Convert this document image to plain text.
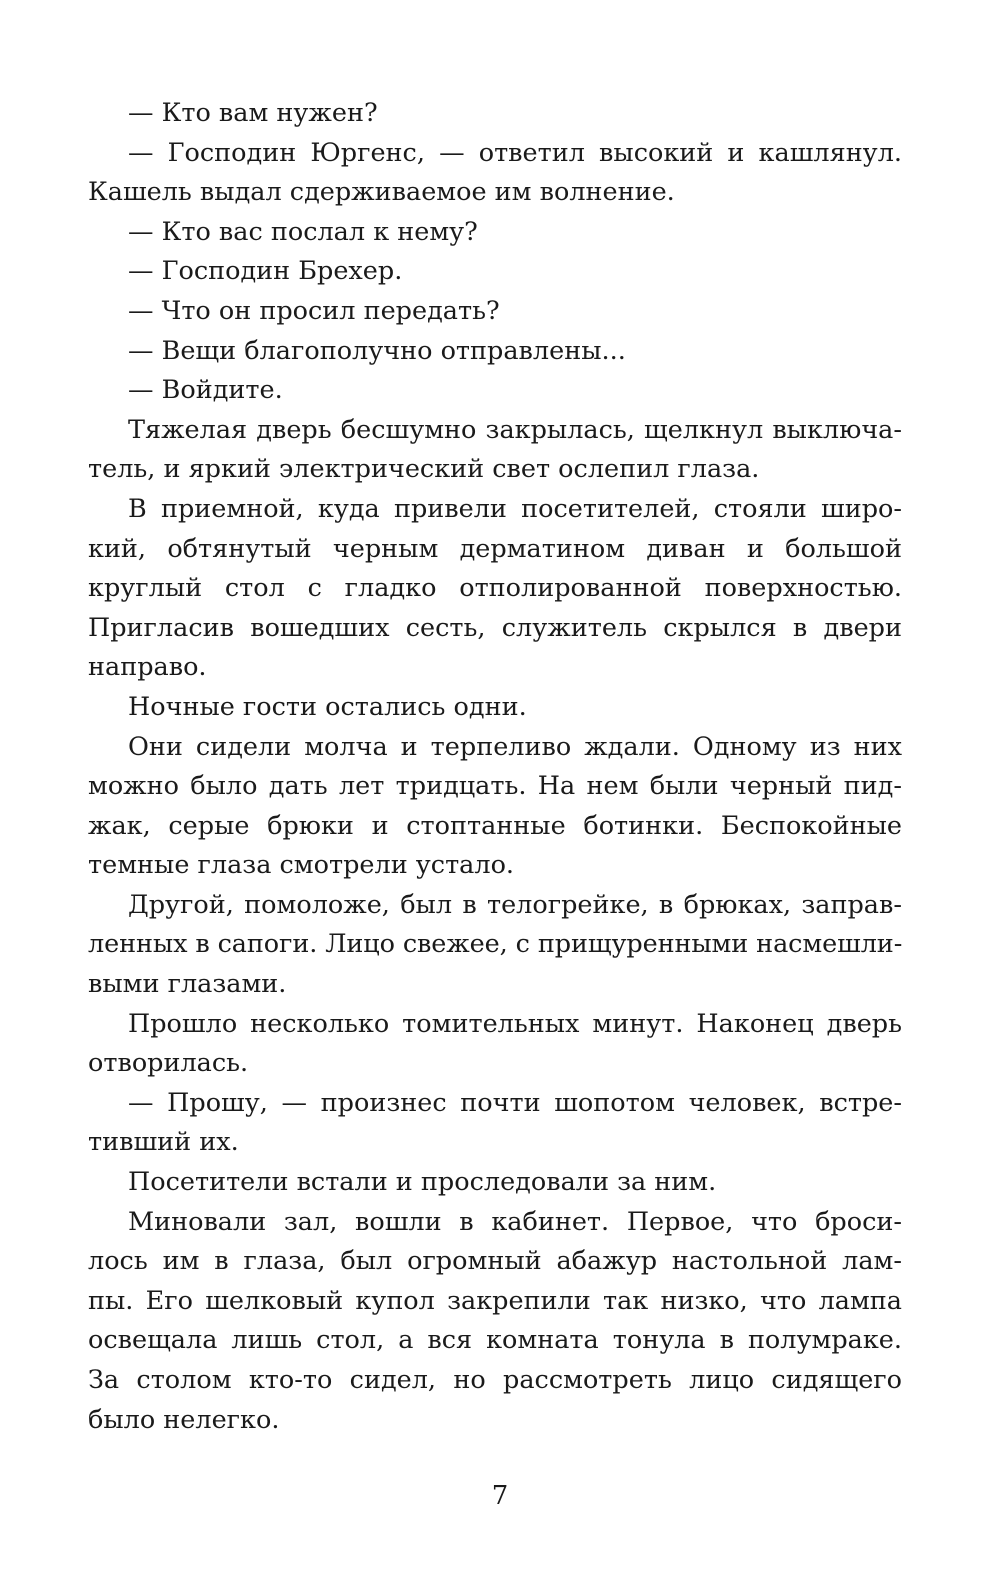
— Кто вам нужен?
— Господин Юргенс, — ответил высокий и кашлянул.
Кашель выдал сдерживаемое им волнение.
— Кто вас послал к нему?
— Господин Брехер.
— Что он просил передать?
— Вещи благополучно отправлены...
— Войдите.
Тяжелая дверь бесшумно закрылась, щелкнул выключа-
тель, и яркий электрический свет ослепил глаза.
В приемной, куда привели посетителей, стояли широ-
кий, обтянутый черным дерматином диван и большой
круглый стол с гладко отполированной поверхностью.
Пригласив вошедших сесть, служитель скрылся в двери
направо.
Ночные гости остались одни.
Они сидели молча и терпеливо ждали. Одному из них
можно было дать лет тридцать. На нем были черный пид-
жак, серые брюки и стоптанные ботинки. Беспокойные
темные глаза смотрели устало.
Другой, помоложе, был в телогрейке, в брюках, заправ-
ленных в сапоги. Лицо свежее, с прищуренными насмешли-
выми глазами.
Прошло несколько томительных минут. Наконец дверь
отворилась.
— Прошу, — произнес почти шопотом человек, встре-
тивший их.
Посетители встали и проследовали за ним.
Миновали зал, вошли в кабинет. Первое, что броси-
лось им в глаза, был огромный абажур настольной лам-
пы. Его шелковый купол закрепили так низко, что лампа
освещала лишь стол, а вся комната тонула в полумраке.
За столом кто-то сидел, но рассмотреть лицо сидящего
было нелегко.
7
